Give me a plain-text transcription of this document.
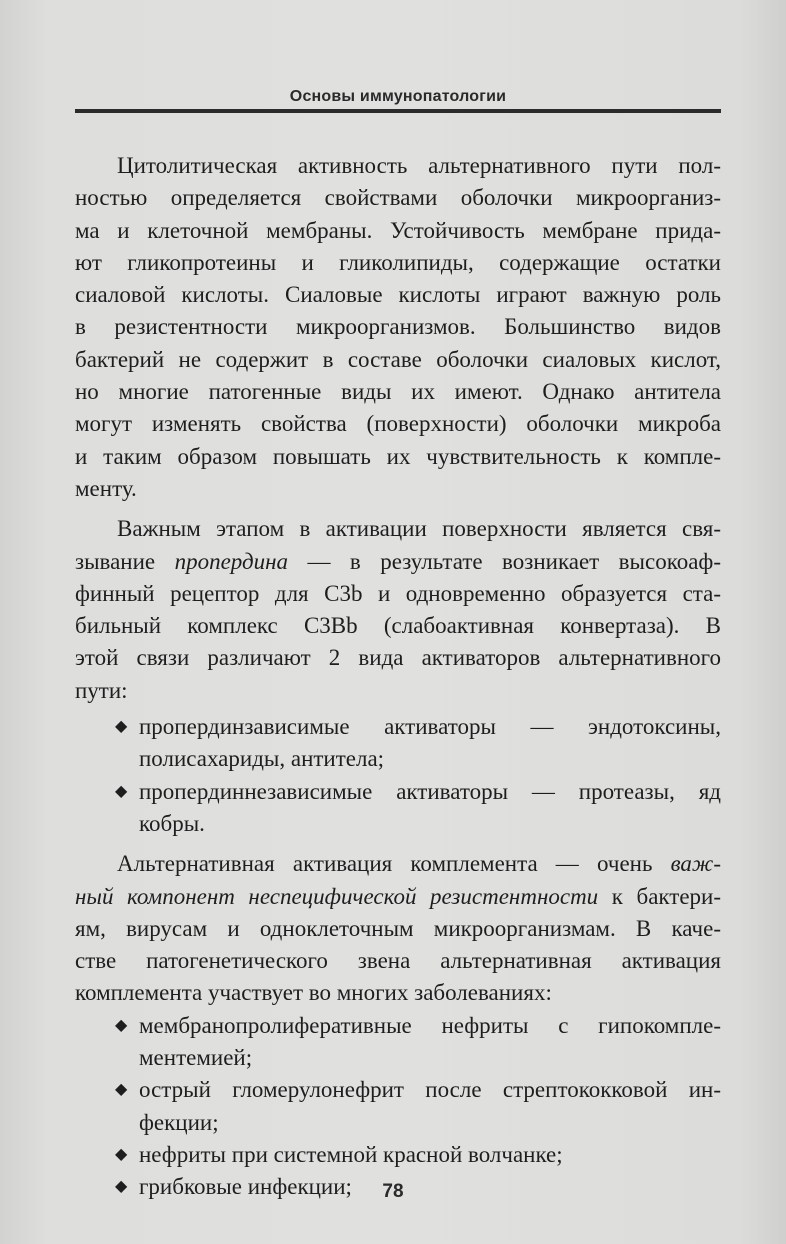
Основы иммунопатологии
Цитолитическая активность альтернативного пути пол-
ностью определяется свойствами оболочки микроорганиз-
ма и клеточной мембраны. Устойчивость мембране прида-
ют гликопротеины и гликолипиды, содержащие остатки
сиаловой кислоты. Сиаловые кислоты играют важную роль
в резистентности микроорганизмов. Большинство видов
бактерий не содержит в составе оболочки сиаловых кислот,
но многие патогенные виды их имеют. Однако антитела
могут изменять свойства (поверхности) оболочки микроба
и таким образом повышать их чувствительность к компле-
менту.
Важным этапом в активации поверхности является свя-
зывание пропердина — в результате возникает высокоаф-
финный рецептор для C3b и одновременно образуется ста-
бильный комплекс C3Bb (слабоактивная конвертаза). В
этой связи различают 2 вида активаторов альтернативного
пути:
◆ пропердинзависимые активаторы — эндотоксины,
полисахариды, антитела;
◆ пропердиннезависимые активаторы — протеазы, яд
кобры.
Альтернативная активация комплемента — очень важ-
ный компонент неспецифической резистентности к бактери-
ям, вирусам и одноклеточным микроорганизмам. В каче-
стве патогенетического звена альтернативная активация
комплемента участвует во многих заболеваниях:
◆ мембранопролиферативные нефриты с гипокомпле-
ментемией;
◆ острый гломерулонефрит после стрептококковой ин-
фекции;
◆ нефриты при системной красной волчанке;
◆ грибковые инфекции;	78
